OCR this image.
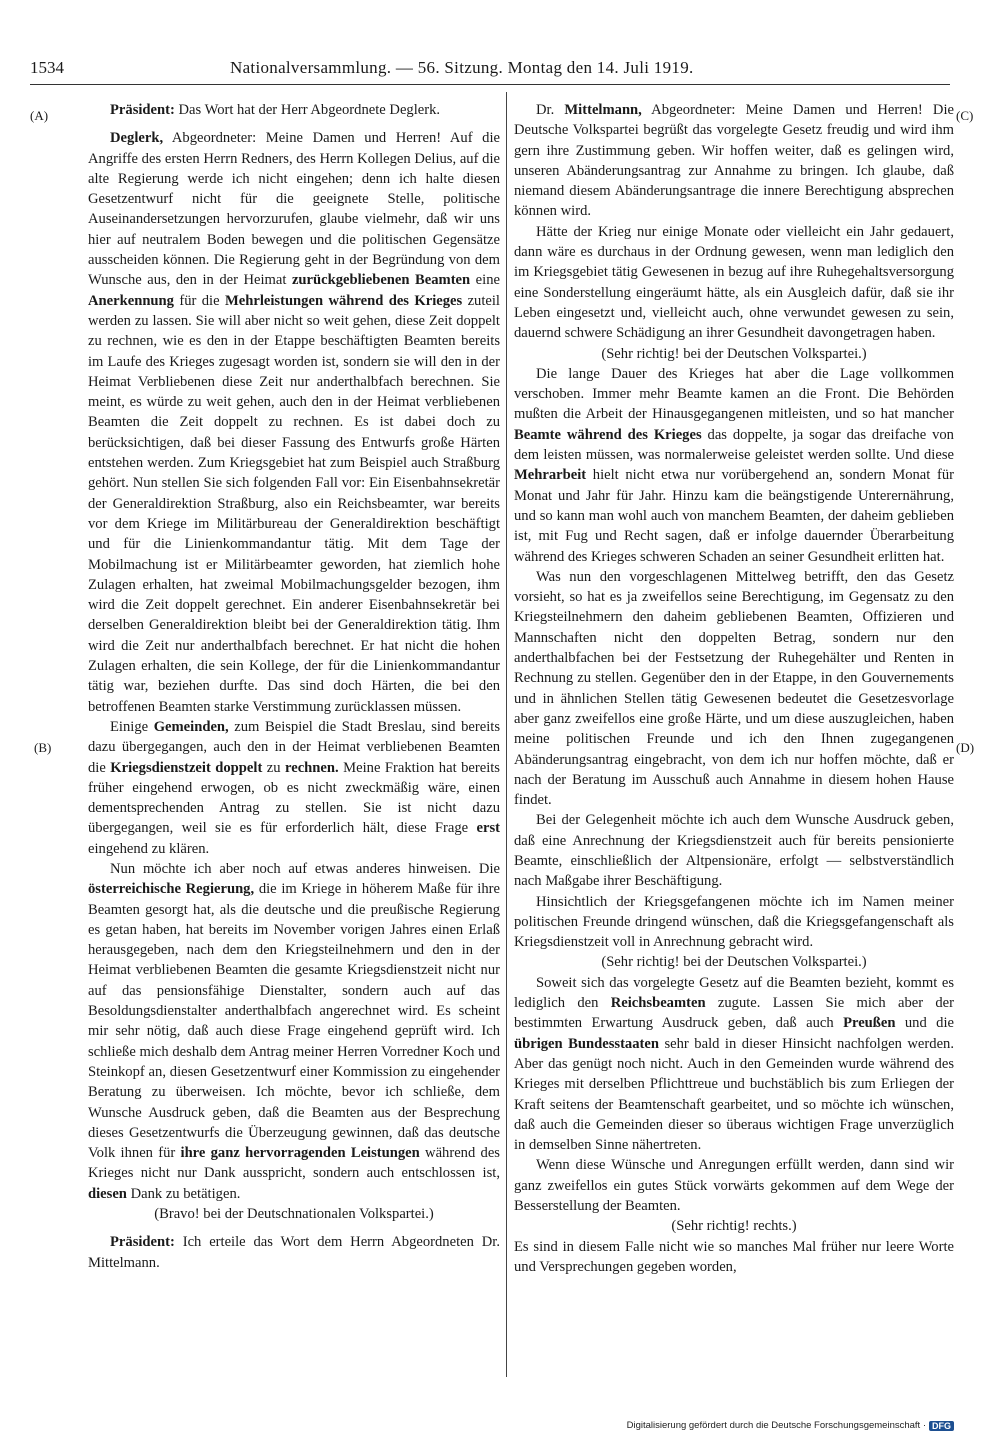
1534	Nationalversammlung. — 56. Sitzung. Montag den 14. Juli 1919.
(A)
(B)
(C)
(D)

Präsident: Das Wort hat der Herr Abgeordnete Deglerk.

Deglerk, Abgeordneter: Meine Damen und Herren! Auf die Angriffe des ersten Herrn Redners, des Herrn Kollegen Delius, auf die alte Regierung werde ich nicht eingehen; denn ich halte diesen Gesetzentwurf nicht für die geeignete Stelle, politische Auseinandersetzungen hervorzurufen, glaube vielmehr, daß wir uns hier auf neutralem Boden bewegen und die politischen Gegensätze ausscheiden können. Die Regierung geht in der Begründung von dem Wunsche aus, den in der Heimat zurückgebliebenen Beamten eine Anerkennung für die Mehrleistungen während des Krieges zuteil werden zu lassen. Sie will aber nicht so weit gehen, diese Zeit doppelt zu rechnen, wie es den in der Etappe beschäftigten Beamten bereits im Laufe des Krieges zugesagt worden ist, sondern sie will den in der Heimat Verbliebenen diese Zeit nur anderthalbfach berechnen. Sie meint, es würde zu weit gehen, auch den in der Heimat verbliebenen Beamten die Zeit doppelt zu rechnen. Es ist dabei doch zu berücksichtigen, daß bei dieser Fassung des Entwurfs große Härten entstehen werden. Zum Kriegsgebiet hat zum Beispiel auch Straßburg gehört. Nun stellen Sie sich folgenden Fall vor: Ein Eisenbahnsekretär der Generaldirektion Straßburg, also ein Reichsbeamter, war bereits vor dem Kriege im Militärbureau der Generaldirektion beschäftigt und für die Linienkommandantur tätig. Mit dem Tage der Mobilmachung ist er Militärbeamter geworden, hat ziemlich hohe Zulagen erhalten, hat zweimal Mobilmachungsgelder bezogen, ihm wird die Zeit doppelt gerechnet. Ein anderer Eisenbahnsekretär bei derselben Generaldirektion bleibt bei der Generaldirektion tätig. Ihm wird die Zeit nur anderthalbfach berechnet. Er hat nicht die hohen Zulagen erhalten, die sein Kollege, der für die Linienkommandantur tätig war, beziehen durfte. Das sind doch Härten, die bei den betroffenen Beamten starke Verstimmung zurücklassen müssen.

Einige Gemeinden, zum Beispiel die Stadt Breslau, sind bereits dazu übergegangen, auch den in der Heimat verbliebenen Beamten die Kriegsdienstzeit doppelt zu rechnen. Meine Fraktion hat bereits früher eingehend erwogen, ob es nicht zweckmäßig wäre, einen dementsprechenden Antrag zu stellen. Sie ist nicht dazu übergegangen, weil sie es für erforderlich hält, diese Frage erst eingehend zu klären.

Nun möchte ich aber noch auf etwas anderes hinweisen. Die österreichische Regierung, die im Kriege in höherem Maße für ihre Beamten gesorgt hat, als die deutsche und die preußische Regierung es getan haben, hat bereits im November vorigen Jahres einen Erlaß herausgegeben, nach dem den Kriegsteilnehmern und den in der Heimat verbliebenen Beamten die gesamte Kriegsdienstzeit nicht nur auf das pensionsfähige Dienstalter, sondern auch auf das Besoldungsdienstalter anderthalbfach angerechnet wird. Es scheint mir sehr nötig, daß auch diese Frage eingehend geprüft wird. Ich schließe mich deshalb dem Antrag meiner Herren Vorredner Koch und Steinkopf an, diesen Gesetzentwurf einer Kommission zu eingehender Beratung zu überweisen. Ich möchte, bevor ich schließe, dem Wunsche Ausdruck geben, daß die Beamten aus der Besprechung dieses Gesetzentwurfs die Überzeugung gewinnen, daß das deutsche Volk ihnen für ihre ganz hervorragenden Leistungen während des Krieges nicht nur Dank ausspricht, sondern auch entschlossen ist, diesen Dank zu betätigen.

(Bravo! bei der Deutschnationalen Volkspartei.)

Präsident: Ich erteile das Wort dem Herrn Abgeordneten Dr. Mittelmann.

Dr. Mittelmann, Abgeordneter: Meine Damen und Herren! Die Deutsche Volkspartei begrüßt das vorgelegte Gesetz freudig und wird ihm gern ihre Zustimmung geben. Wir hoffen weiter, daß es gelingen wird, unseren Abänderungsantrag zur Annahme zu bringen. Ich glaube, daß niemand diesem Abänderungsantrage die innere Berechtigung absprechen können wird.

Hätte der Krieg nur einige Monate oder vielleicht ein Jahr gedauert, dann wäre es durchaus in der Ordnung gewesen, wenn man lediglich den im Kriegsgebiet tätig Gewesenen in bezug auf ihre Ruhegehaltsversorgung eine Sonderstellung eingeräumt hätte, als ein Ausgleich dafür, daß sie ihr Leben eingesetzt und, vielleicht auch, ohne verwundet gewesen zu sein, dauernd schwere Schädigung an ihrer Gesundheit davongetragen haben.

(Sehr richtig! bei der Deutschen Volkspartei.)

Die lange Dauer des Krieges hat aber die Lage vollkommen verschoben. Immer mehr Beamte kamen an die Front. Die Behörden mußten die Arbeit der Hinausgegangenen mitleisten, und so hat mancher Beamte während des Krieges das doppelte, ja sogar das dreifache von dem leisten müssen, was normalerweise geleistet werden sollte. Und diese Mehrarbeit hielt nicht etwa nur vorübergehend an, sondern Monat für Monat und Jahr für Jahr. Hinzu kam die beängstigende Unterernährung, und so kann man wohl auch von manchem Beamten, der daheim geblieben ist, mit Fug und Recht sagen, daß er infolge dauernder Überarbeitung während des Krieges schweren Schaden an seiner Gesundheit erlitten hat.

Was nun den vorgeschlagenen Mittelweg betrifft, den das Gesetz vorsieht, so hat es ja zweifellos seine Berechtigung, im Gegensatz zu den Kriegsteilnehmern den daheim gebliebenen Beamten, Offizieren und Mannschaften nicht den doppelten Betrag, sondern nur den anderthalbfachen bei der Festsetzung der Ruhegehälter und Renten in Rechnung zu stellen. Gegenüber den in der Etappe, in den Gouvernements und in ähnlichen Stellen tätig Gewesenen bedeutet die Gesetzesvorlage aber ganz zweifellos eine große Härte, und um diese auszugleichen, haben meine politischen Freunde und ich den Ihnen zugegangenen Abänderungsantrag eingebracht, von dem ich nur hoffen möchte, daß er nach der Beratung im Ausschuß auch Annahme in diesem hohen Hause findet.

Bei der Gelegenheit möchte ich auch dem Wunsche Ausdruck geben, daß eine Anrechnung der Kriegsdienstzeit auch für bereits pensionierte Beamte, einschließlich der Altpensionäre, erfolgt — selbstverständlich nach Maßgabe ihrer Beschäftigung.

Hinsichtlich der Kriegsgefangenen möchte ich im Namen meiner politischen Freunde dringend wünschen, daß die Kriegsgefangenschaft als Kriegsdienstzeit voll in Anrechnung gebracht wird.

(Sehr richtig! bei der Deutschen Volkspartei.)

Soweit sich das vorgelegte Gesetz auf die Beamten bezieht, kommt es lediglich den Reichsbeamten zugute. Lassen Sie mich aber der bestimmten Erwartung Ausdruck geben, daß auch Preußen und die übrigen Bundesstaaten sehr bald in dieser Hinsicht nachfolgen werden. Aber das genügt noch nicht. Auch in den Gemeinden wurde während des Krieges mit derselben Pflichttreue und buchstäblich bis zum Erliegen der Kraft seitens der Beamtenschaft gearbeitet, und so möchte ich wünschen, daß auch die Gemeinden dieser so überaus wichtigen Frage unverzüglich in demselben Sinne nähertreten.

Wenn diese Wünsche und Anregungen erfüllt werden, dann sind wir ganz zweifellos ein gutes Stück vorwärts gekommen auf dem Wege der Besserstellung der Beamten.

(Sehr richtig! rechts.)

Es sind in diesem Falle nicht wie so manches Mal früher nur leere Worte und Versprechungen gegeben worden,

Digitalisierung gefördert durch die Deutsche Forschungsgemeinschaft · DFG
